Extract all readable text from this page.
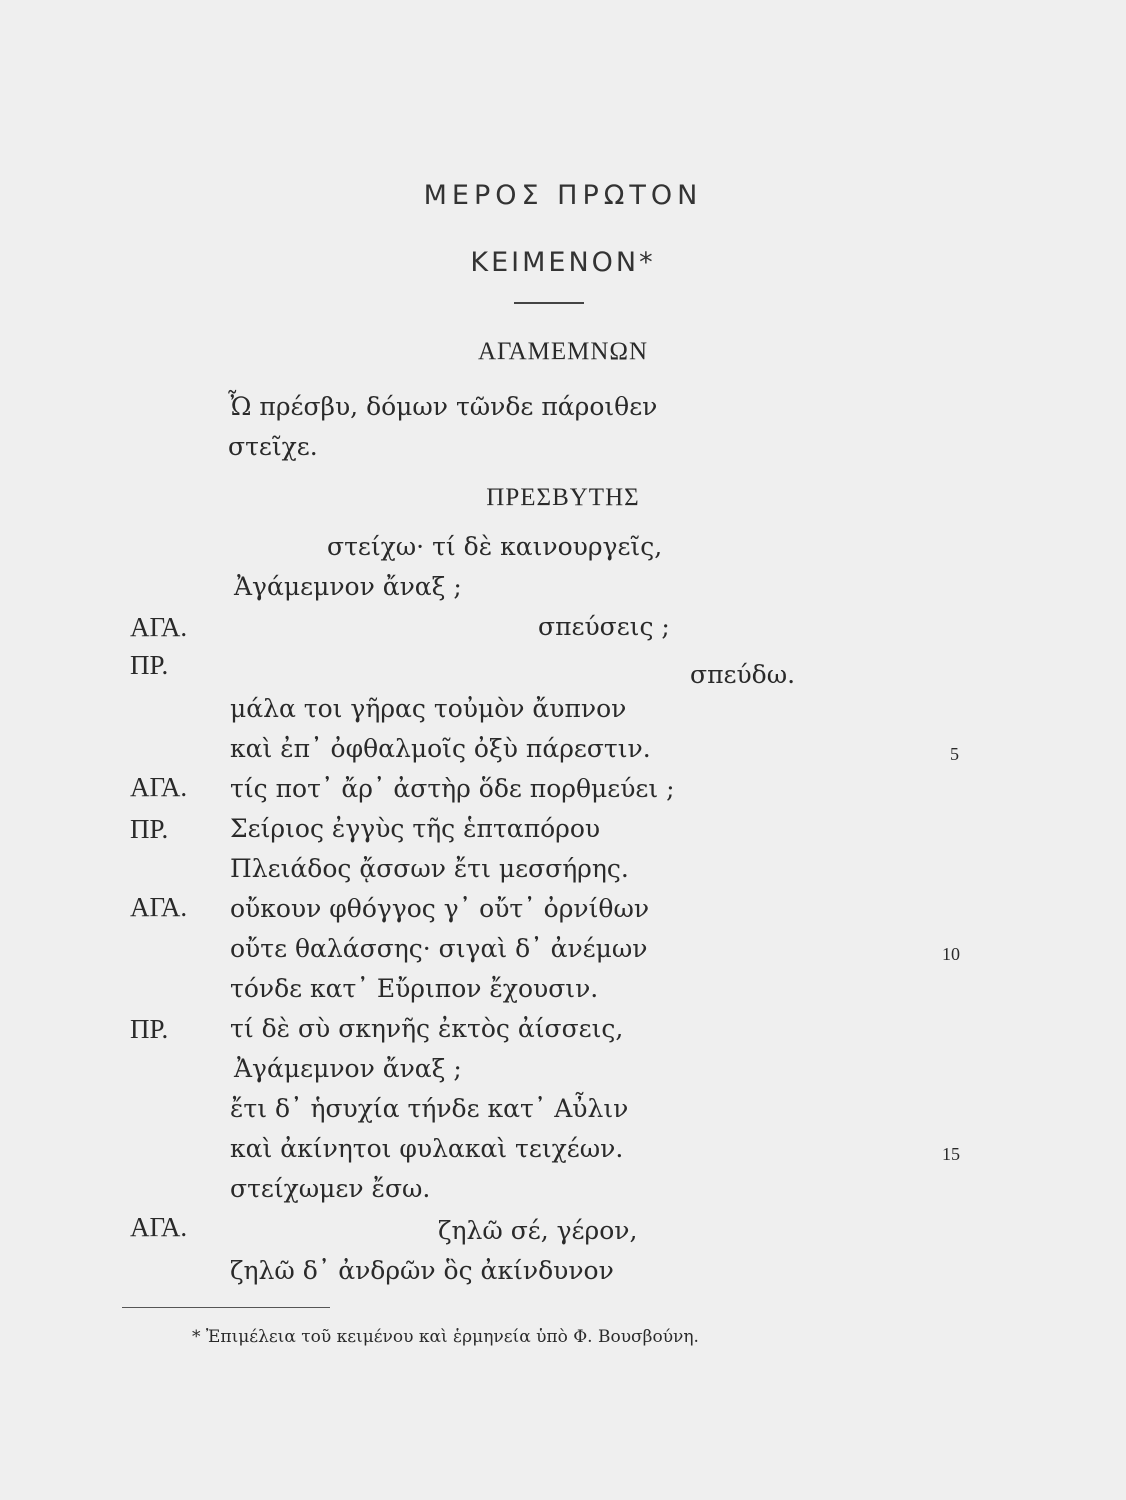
ΜΕΡΟΣ ΠΡΩΤΟΝ
ΚΕΙΜΕΝΟΝ*
ΑΓΑΜΕΜΝΩΝ
Ὦ πρέσβυ, δόμων τῶνδε πάροιθεν
στεῖχε.
ΠΡΕΣΒΥΤΗΣ
στείχω· τί δὲ καινουργεῖς,
Ἀγάμεμνον ἄναξ ;
ΑΓΑ.	σπεύσεις ;
ΠΡ.	σπεύδω.
μάλα τοι γῆρας τοὐμὸν ἄυπνον
καὶ ἐπ᾽ ὀφθαλμοῖς ὀξὺ πάρεστιν.	5
ΑΓΑ. τίς ποτ᾽ ἄρ᾽ ἀστὴρ ὅδε πορθμεύει ;
ΠΡ. Σείριος ἐγγὺς τῆς ἑπταπόρου
Πλειάδος ᾄσσων ἔτι μεσσήρης.
ΑΓΑ. οὔκουν φθόγγος γ᾽ οὔτ᾽ ὀρνίθων
οὔτε θαλάσσης· σιγαὶ δ᾽ ἀνέμων	10
τόνδε κατ᾽ Εὔριπον ἔχουσιν.
ΠΡ. τί δὲ σὺ σκηνῆς ἐκτὸς ἀίσσεις,
Ἀγάμεμνον ἄναξ ;
ἔτι δ᾽ ἡσυχία τήνδε κατ᾽ Αὖλιν
καὶ ἀκίνητοι φυλακαὶ τειχέων.	15
στείχωμεν ἔσω.
ΑΓΑ.	ζηλῶ σέ, γέρον,
ζηλῶ δ᾽ ἀνδρῶν ὃς ἀκίνδυνον
* Ἐπιμέλεια τοῦ κειμένου καὶ ἑρμηνεία ὑπὸ Φ. Βουσβούνη.
